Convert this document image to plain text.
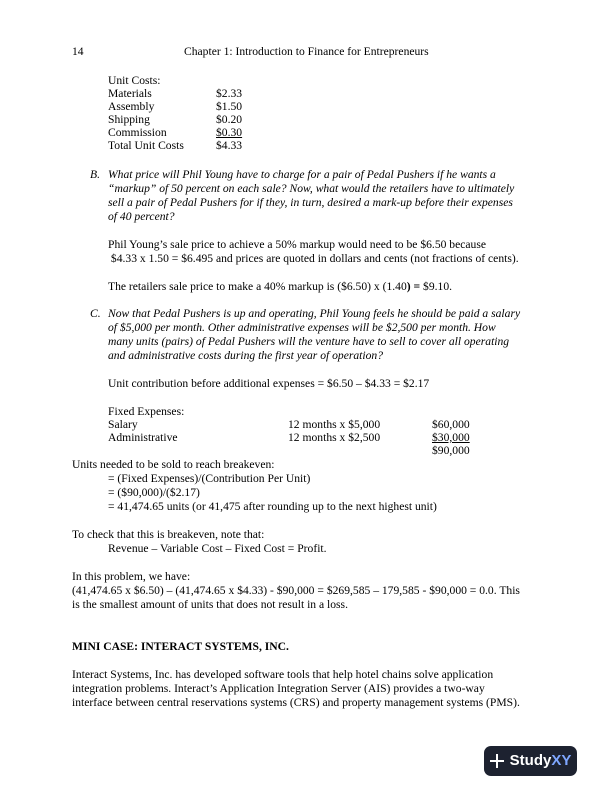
14	Chapter 1: Introduction to Finance for Entrepreneurs
Unit Costs:
Materials	$2.33
Assembly	$1.50
Shipping	$0.20
Commission	$0.30
Total Unit Costs	$4.33
B. What price will Phil Young have to charge for a pair of Pedal Pushers if he wants a
“markup” of 50 percent on each sale? Now, what would the retailers have to ultimately
sell a pair of Pedal Pushers for if they, in turn, desired a mark-up before their expenses
of 40 percent?
Phil Young’s sale price to achieve a 50% markup would need to be $6.50 because
$4.33 x 1.50 = $6.495 and prices are quoted in dollars and cents (not fractions of cents).
The retailers sale price to make a 40% markup is ($6.50) x (1.40) = $9.10.
C. Now that Pedal Pushers is up and operating, Phil Young feels he should be paid a salary
of $5,000 per month. Other administrative expenses will be $2,500 per month. How
many units (pairs) of Pedal Pushers will the venture have to sell to cover all operating
and administrative costs during the first year of operation?
Unit contribution before additional expenses = $6.50 – $4.33 = $2.17
Fixed Expenses:
Salary	12 months x $5,000	$60,000
Administrative	12 months x $2,500	$30,000
$90,000
Units needed to be sold to reach breakeven:
= (Fixed Expenses)/(Contribution Per Unit)
= ($90,000)/($2.17)
= 41,474.65 units (or 41,475 after rounding up to the next highest unit)
To check that this is breakeven, note that:
Revenue – Variable Cost – Fixed Cost = Profit.
In this problem, we have:
(41,474.65 x $6.50) – (41,474.65 x $4.33) - $90,000 = $269,585 – 179,585 - $90,000 = 0.0. This
is the smallest amount of units that does not result in a loss.
MINI CASE: INTERACT SYSTEMS, INC.
Interact Systems, Inc. has developed software tools that help hotel chains solve application
integration problems. Interact’s Application Integration Server (AIS) provides a two-way
interface between central reservations systems (CRS) and property management systems (PMS).
StudyXY
